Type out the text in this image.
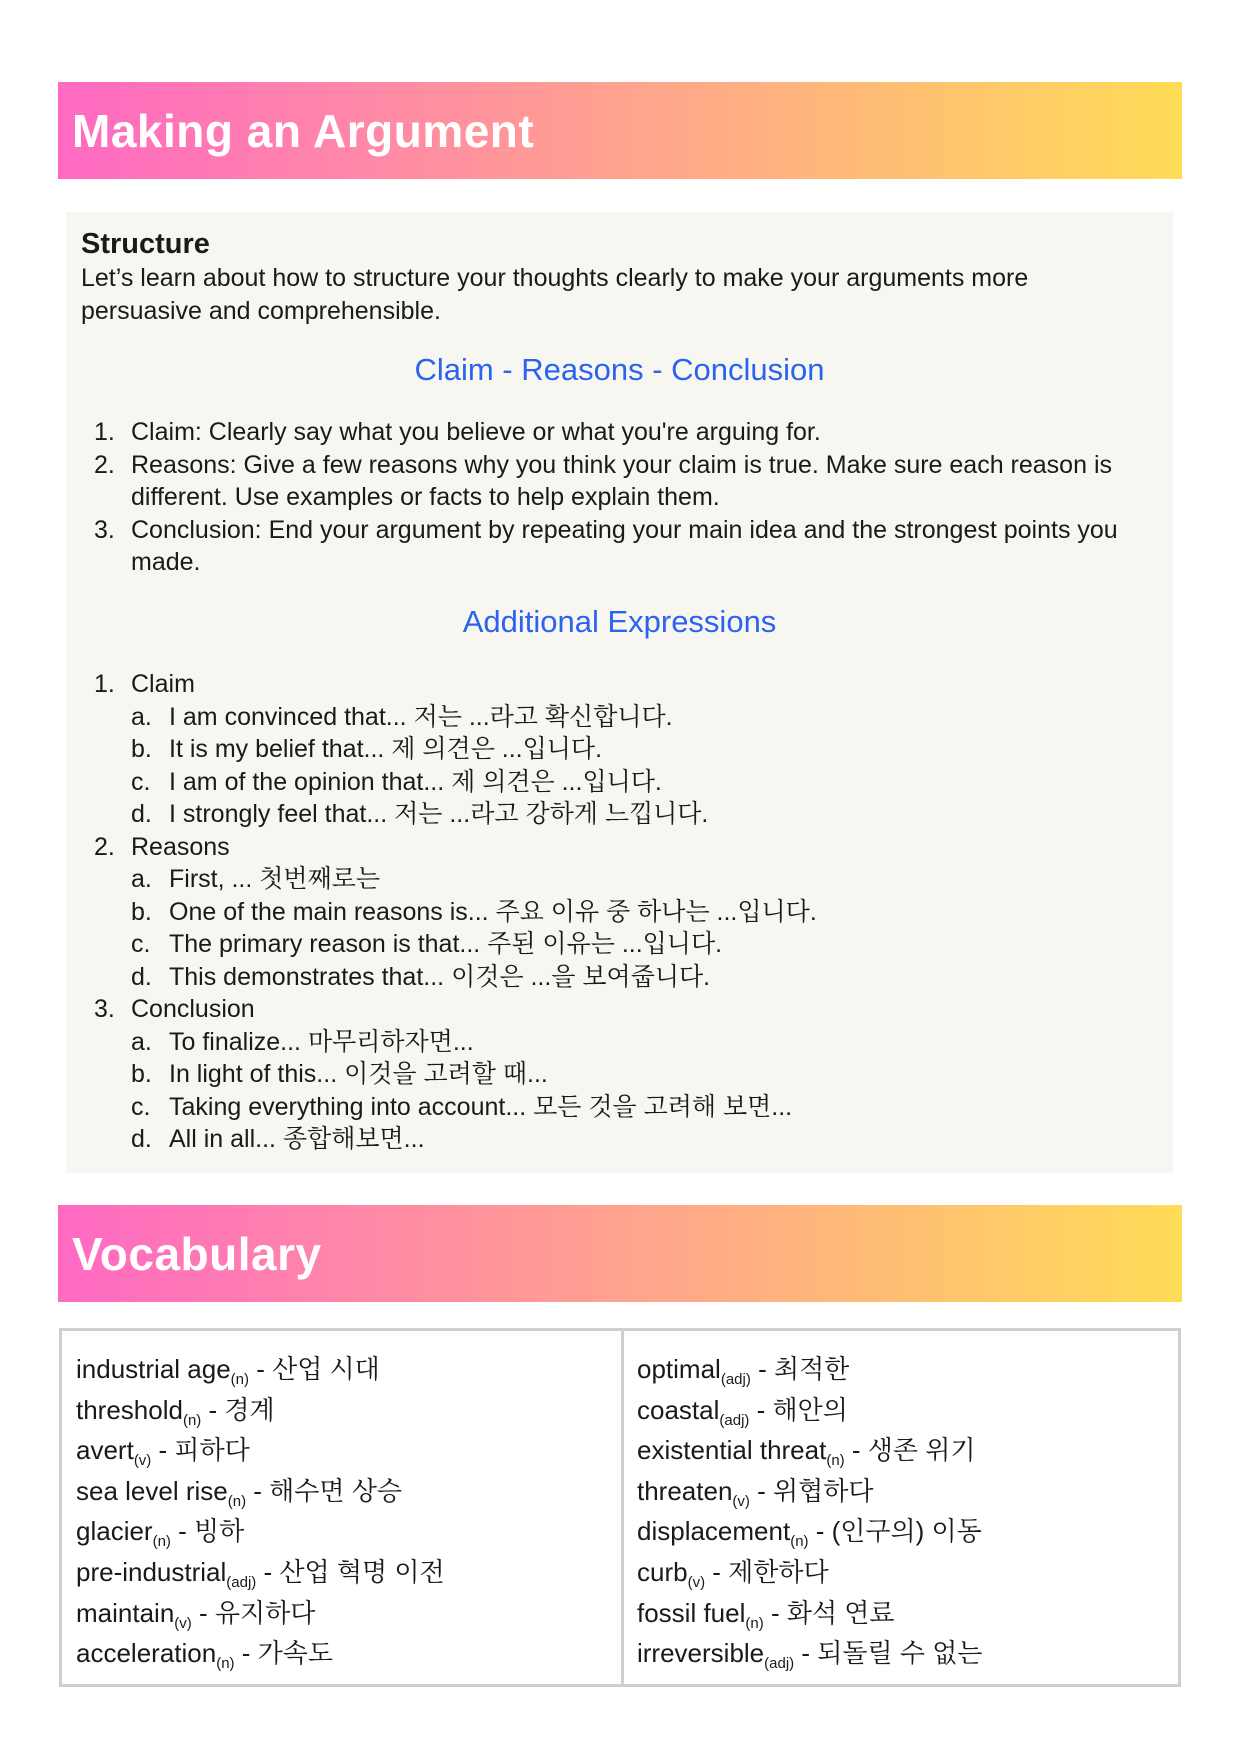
Making an Argument
Structure
Let’s learn about how to structure your thoughts clearly to make your arguments more persuasive and comprehensible.
Claim - Reasons - Conclusion
1. Claim: Clearly say what you believe or what you're arguing for.
2. Reasons: Give a few reasons why you think your claim is true. Make sure each reason is different. Use examples or facts to help explain them.
3. Conclusion: End your argument by repeating your main idea and the strongest points you made.
Additional Expressions
1. Claim
a. I am convinced that... 저는 ...라고 확신합니다.
b. It is my belief that... 제 의견은 ...입니다.
c. I am of the opinion that... 제 의견은 ...입니다.
d. I strongly feel that... 저는 ...라고 강하게 느낍니다.
2. Reasons
a. First, ... 첫번째로는
b. One of the main reasons is... 주요 이유 중 하나는 ...입니다.
c. The primary reason is that... 주된 이유는 ...입니다.
d. This demonstrates that... 이것은 ...을 보여줍니다.
3. Conclusion
a. To finalize... 마무리하자면...
b. In light of this... 이것을 고려할 때...
c. Taking everything into account... 모든 것을 고려해 보면...
d. All in all... 종합해보면...
Vocabulary
industrial age$_{(n)}$ - 산업 시대
threshold$_{(n)}$ - 경계
avert$_{(v)}$ - 피하다
sea level rise$_{(n)}$ - 해수면 상승
glacier$_{(n)}$ - 빙하
pre-industrial$_{(adj)}$ - 산업 혁명 이전
maintain$_{(v)}$ - 유지하다
acceleration$_{(n)}$ - 가속도
optimal$_{(adj)}$ - 최적한
coastal$_{(adj)}$ - 해안의
existential threat$_{(n)}$ - 생존 위기
threaten$_{(v)}$ - 위협하다
displacement$_{(n)}$ - (인구의) 이동
curb$_{(v)}$ - 제한하다
fossil fuel$_{(n)}$ - 화석 연료
irreversible$_{(adj)}$ - 되돌릴 수 없는
